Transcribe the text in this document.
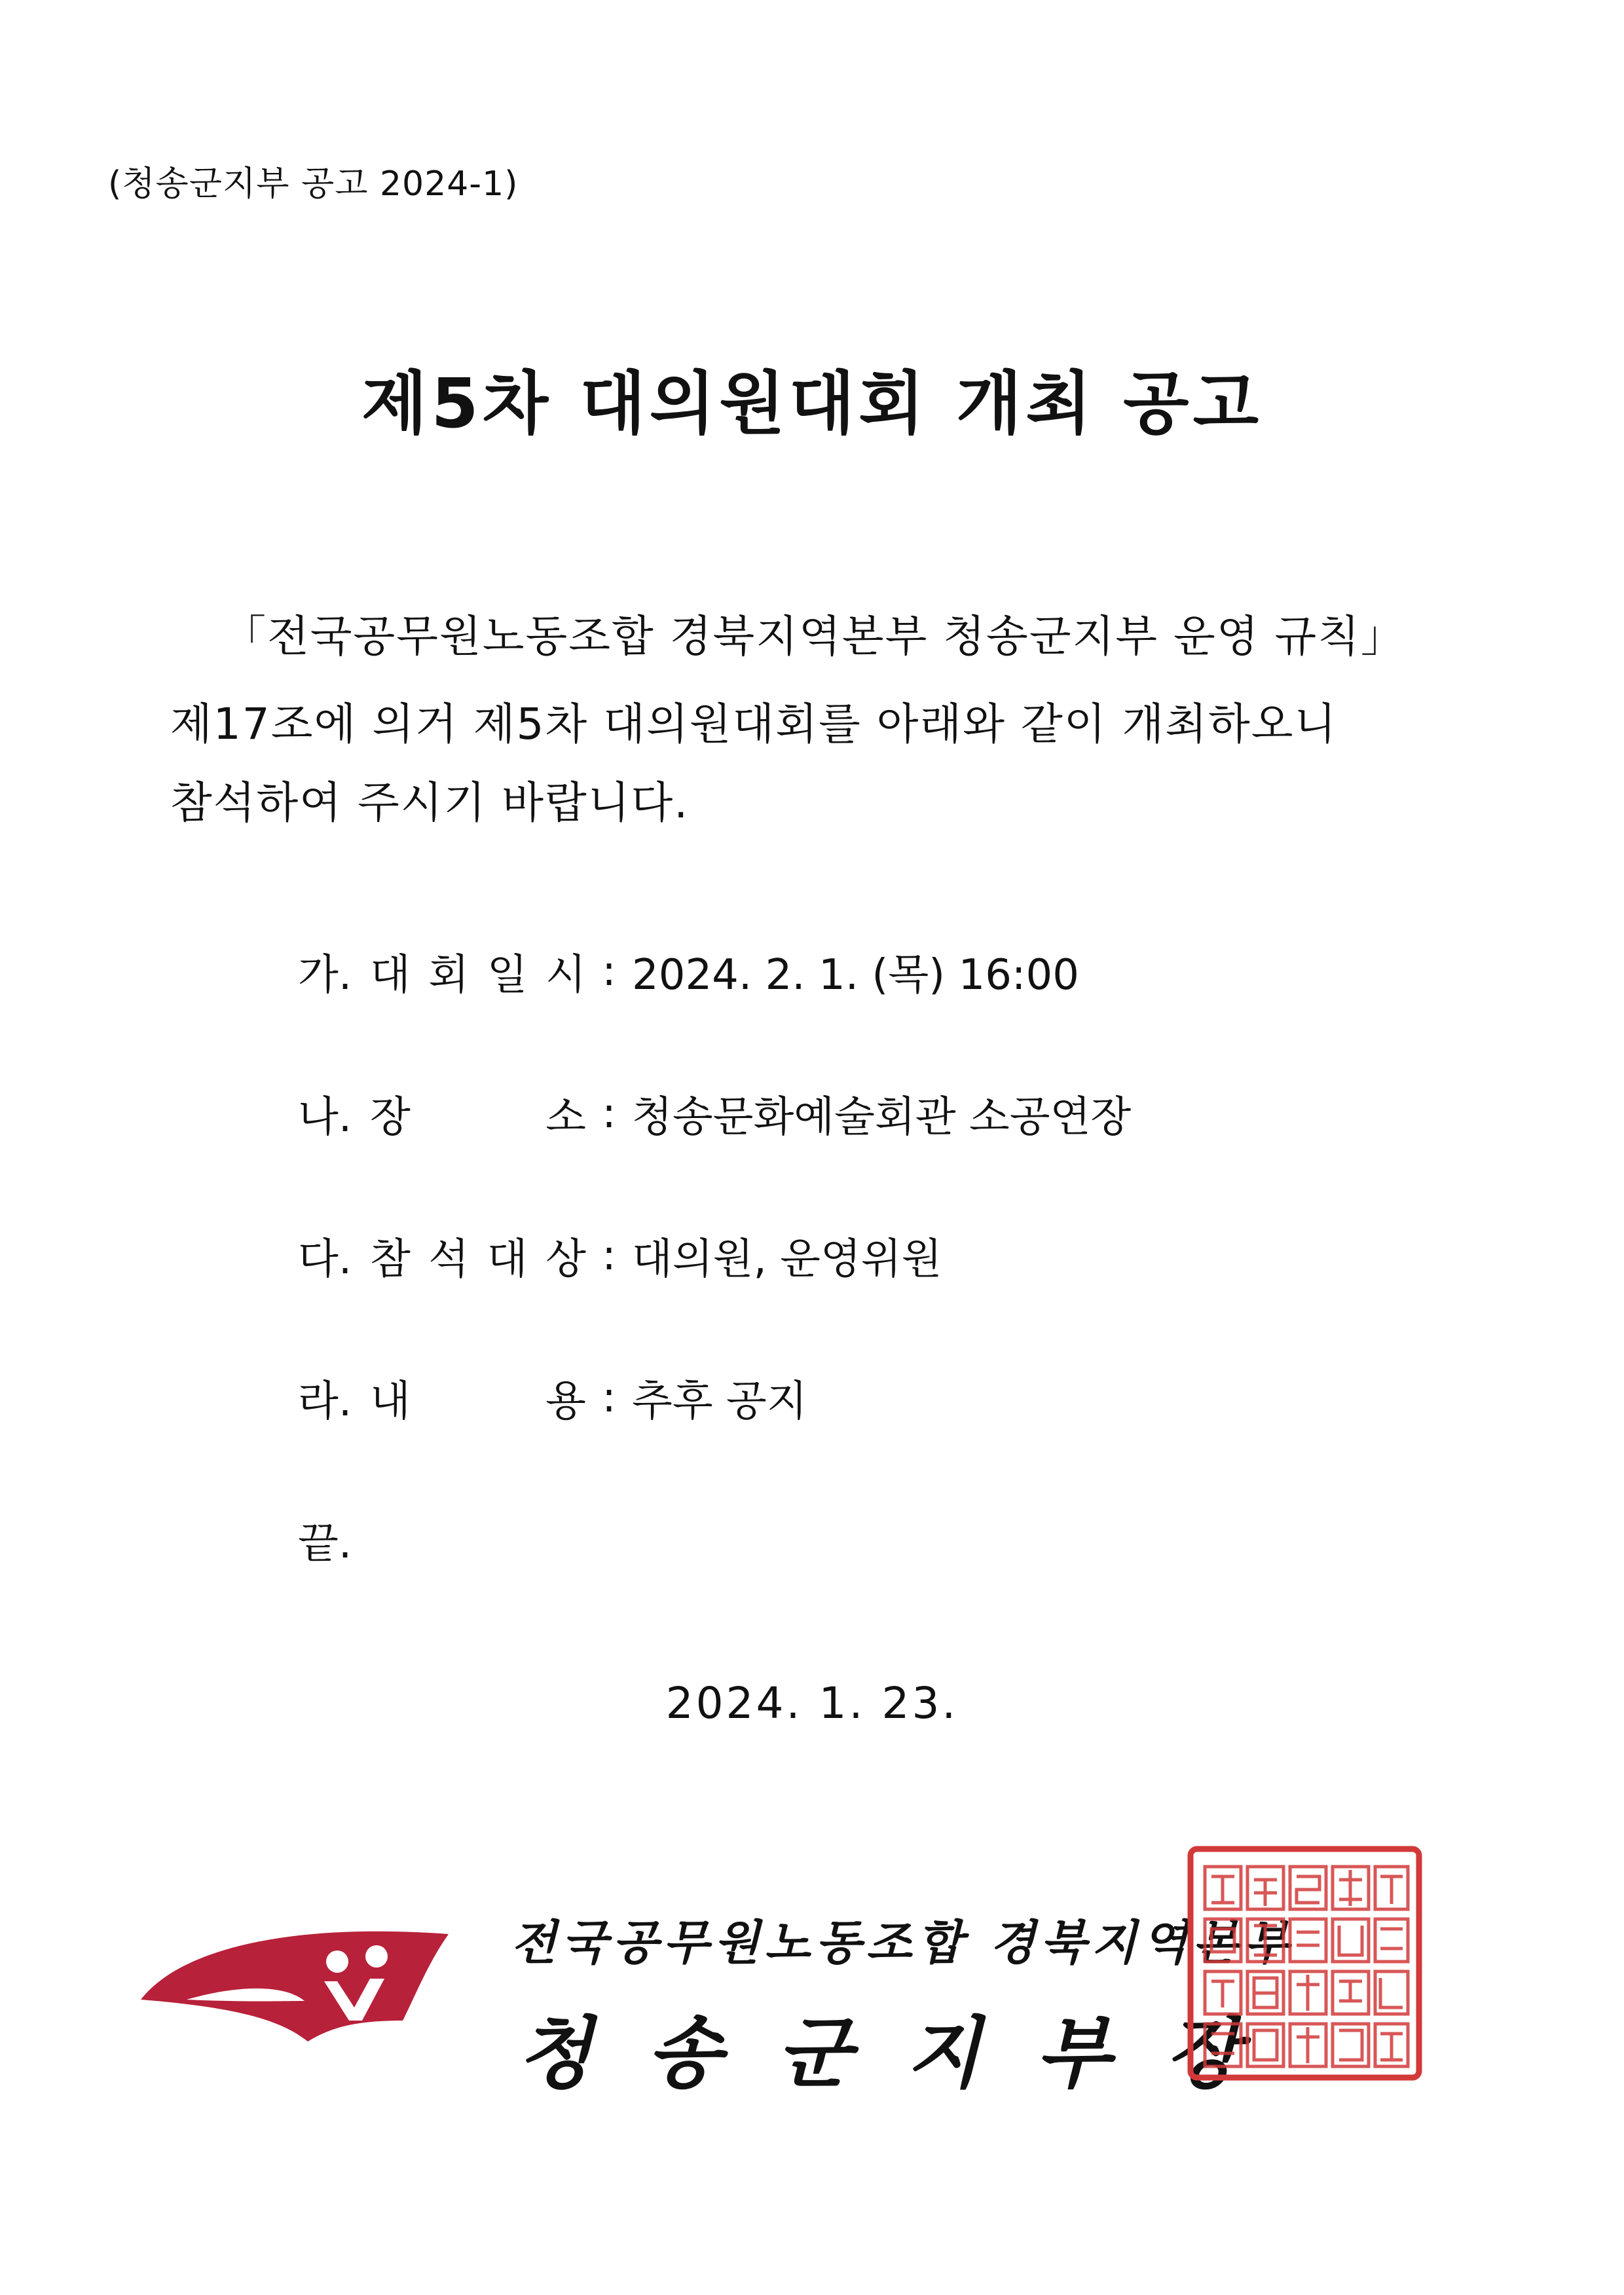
(청송군지부 공고 2024-1)
제5차 대의원대회 개최 공고
「전국공무원노동조합 경북지역본부 청송군지부 운영 규칙」
제17조에 의거 제5차 대의원대회를 아래와 같이 개최하오니
참석하여 주시기 바랍니다.
가. 대 회 일 시 : 2024. 2. 1. (목) 16:00
나. 장	소 : 청송문화예술회관 소공연장
다. 참 석 대 상 : 대의원, 운영위원
라. 내	용 : 추후 공지
끝.
2024. 1. 23.
전국공무원노동조합 경북지역본부
청 송 군 지 부 장
